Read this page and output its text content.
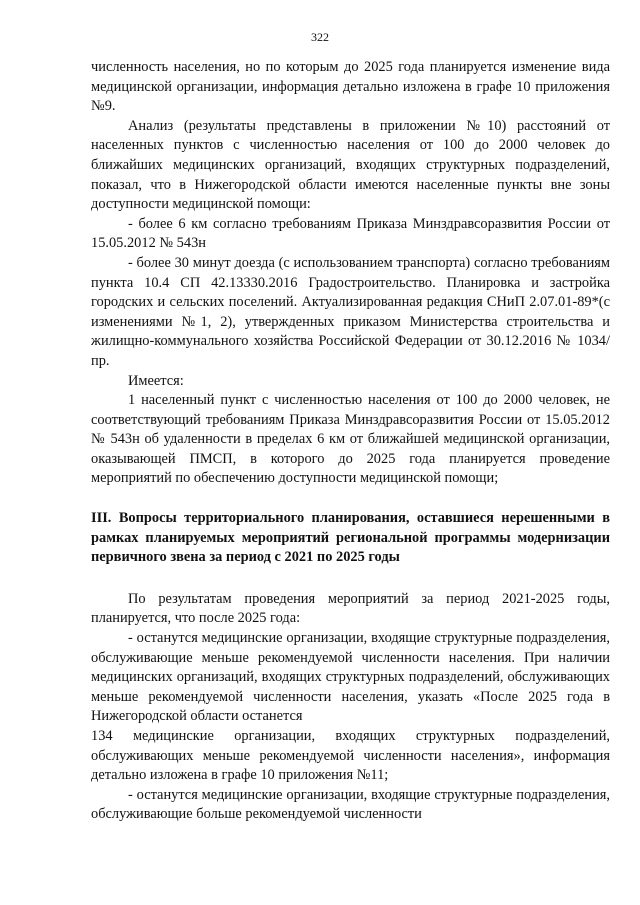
322

численность населения, но по которым до 2025 года планируется изменение вида медицинской организации, информация детально изложена в графе 10 приложения №9.

Анализ (результаты представлены в приложении №10) расстояний от населенных пунктов с численностью населения от 100 до 2000 человек до ближайших медицинских организаций, входящих структурных подразделений, показал, что в Нижегородской области имеются населенные пункты вне зоны доступности медицинской помощи:

- более 6 км согласно требованиям Приказа Минздравсоразвития России от 15.05.2012 № 543н

- более 30 минут доезда (с использованием транспорта) согласно требованиям пункта 10.4 СП 42.13330.2016 Градостроительство. Планировка и застройка городских и сельских поселений. Актуализированная редакция СНиП 2.07.01-89*(с изменениями №1, 2), утвержденных приказом Министерства строительства и жилищно-коммунального хозяйства Российской Федерации от 30.12.2016 № 1034/пр.

Имеется:

1 населенный пункт с численностью населения от 100 до 2000 человек, не соответствующий требованиям Приказа Минздравсоразвития России от 15.05.2012 № 543н об удаленности в пределах 6 км от ближайшей медицинской организации, оказывающей ПМСП, в которого до 2025 года планируется проведение мероприятий по обеспечению доступности медицинской помощи;

III. Вопросы территориального планирования, оставшиеся нерешенными в рамках планируемых мероприятий региональной программы модернизации первичного звена за период с 2021 по 2025 годы

По результатам проведения мероприятий за период 2021-2025 годы, планируется, что после 2025 года:

- останутся медицинские организации, входящие структурные подразделения, обслуживающие меньше рекомендуемой численности населения. При наличии медицинских организаций, входящих структурных подразделений, обслуживающих меньше рекомендуемой численности населения, указать «После 2025 года в Нижегородской области останется

134 медицинские организации, входящих структурных подразделений, обслуживающих меньше рекомендуемой численности населения», информация детально изложена в графе 10 приложения №11;

- останутся медицинские организации, входящие структурные подразделения, обслуживающие больше рекомендуемой численности
